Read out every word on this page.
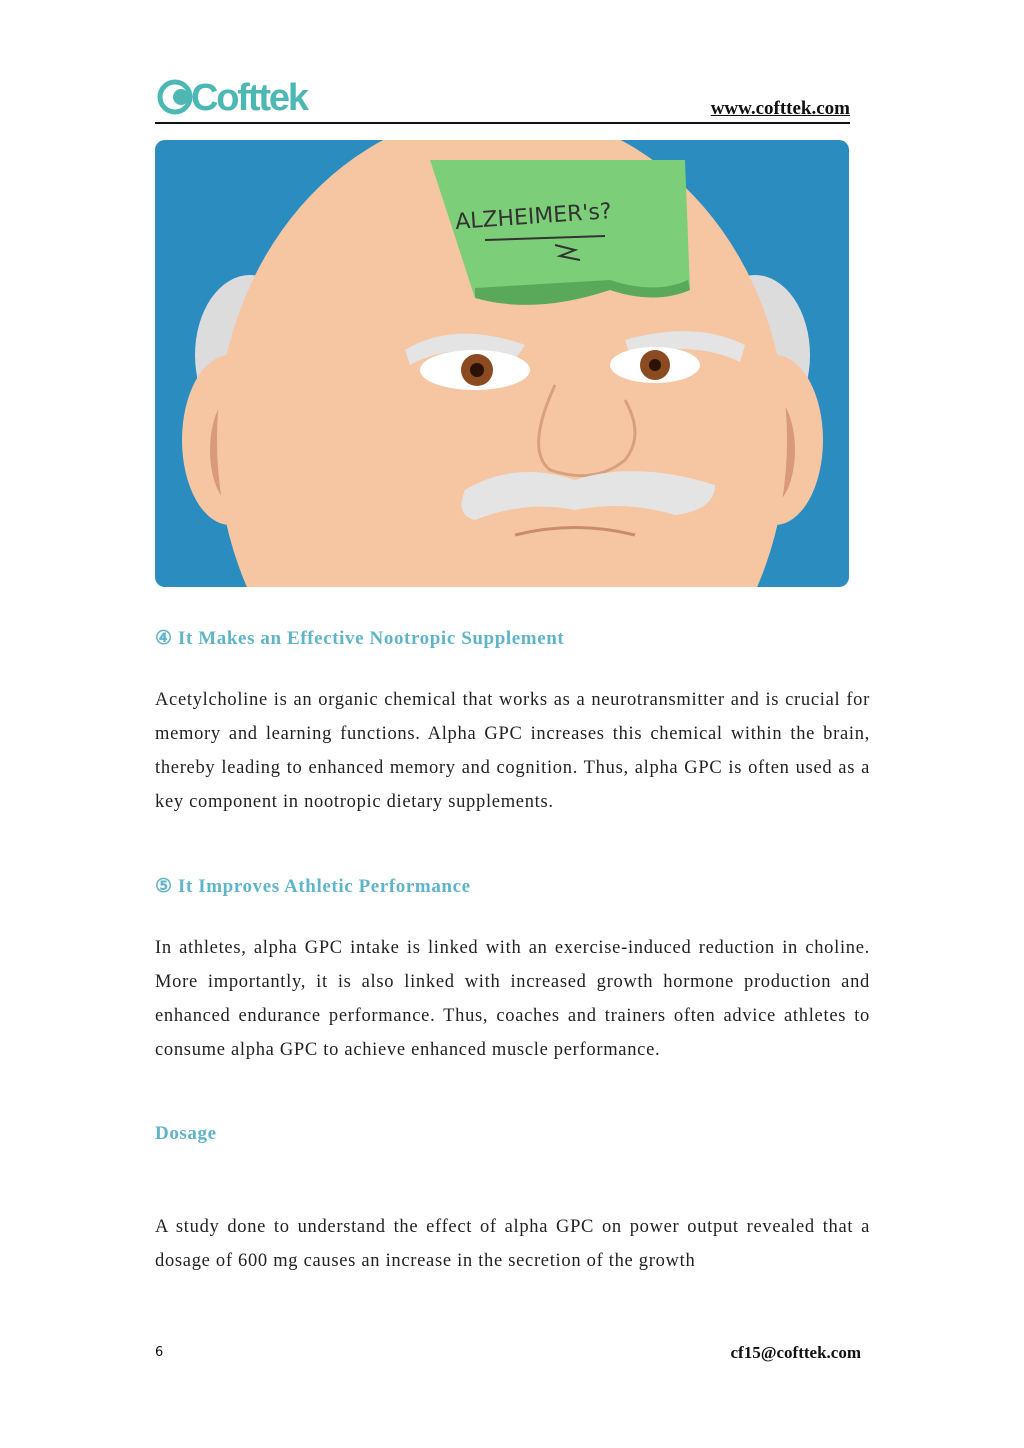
Cofttek	www.cofttek.com
ALZHEIMER's?
④ It Makes an Effective Nootropic Supplement

Acetylcholine is an organic chemical that works as a neurotransmitter and is crucial for memory and learning functions. Alpha GPC increases this chemical within the brain, thereby leading to enhanced memory and cognition. Thus, alpha GPC is often used as a key component in nootropic dietary supplements.

⑤ It Improves Athletic Performance

In athletes, alpha GPC intake is linked with an exercise-induced reduction in choline. More importantly, it is also linked with increased growth hormone production and enhanced endurance performance. Thus, coaches and trainers often advice athletes to consume alpha GPC to achieve enhanced muscle performance.

Dosage

A study done to understand the effect of alpha GPC on power output revealed that a dosage of 600 mg causes an increase in the secretion of the growth

6	cf15@cofttek.com
